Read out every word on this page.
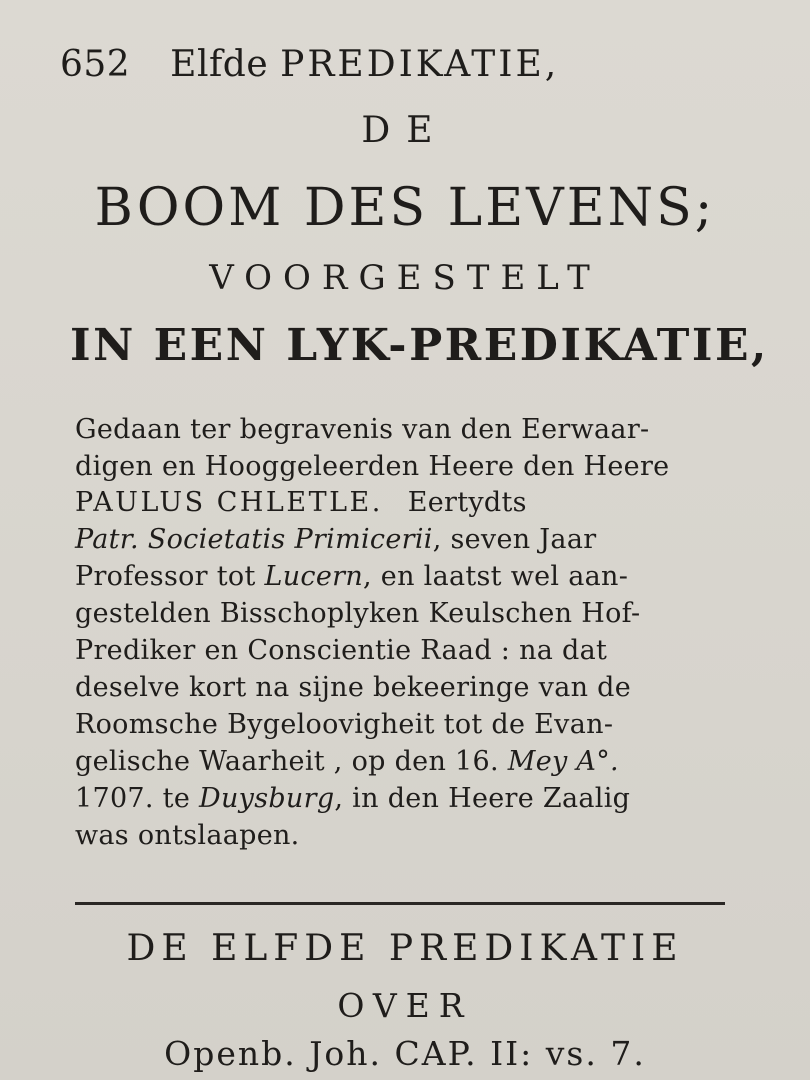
652 Elfde PREDIKATIE,
DE
BOOM DES LEVENS;
VOORGESTELT
IN EEN LYK-PREDIKATIE,
Gedaan ter begravenis van den Eerwaar-
digen en Hooggeleerden Heere den Heere
PAULUS CHLETLE. Eertydts
Patr. Societatis Primicerii, seven Jaar
Professor tot Lucern, en laatst wel aan-
gestelden Bisschoplyken Keulschen Hof-
Prediker en Conscientie Raad : na dat
deselve kort na sijne bekeeringe van de
Roomsche Bygeloovigheit tot de Evan-
gelische Waarheit , op den 16. Mey A°.
1707. te Duysburg, in den Heere Zaalig
was ontslaapen.
DE ELFDE PREDIKATIE
OVER
Openb. Joh. CAP. II: vs. 7.
